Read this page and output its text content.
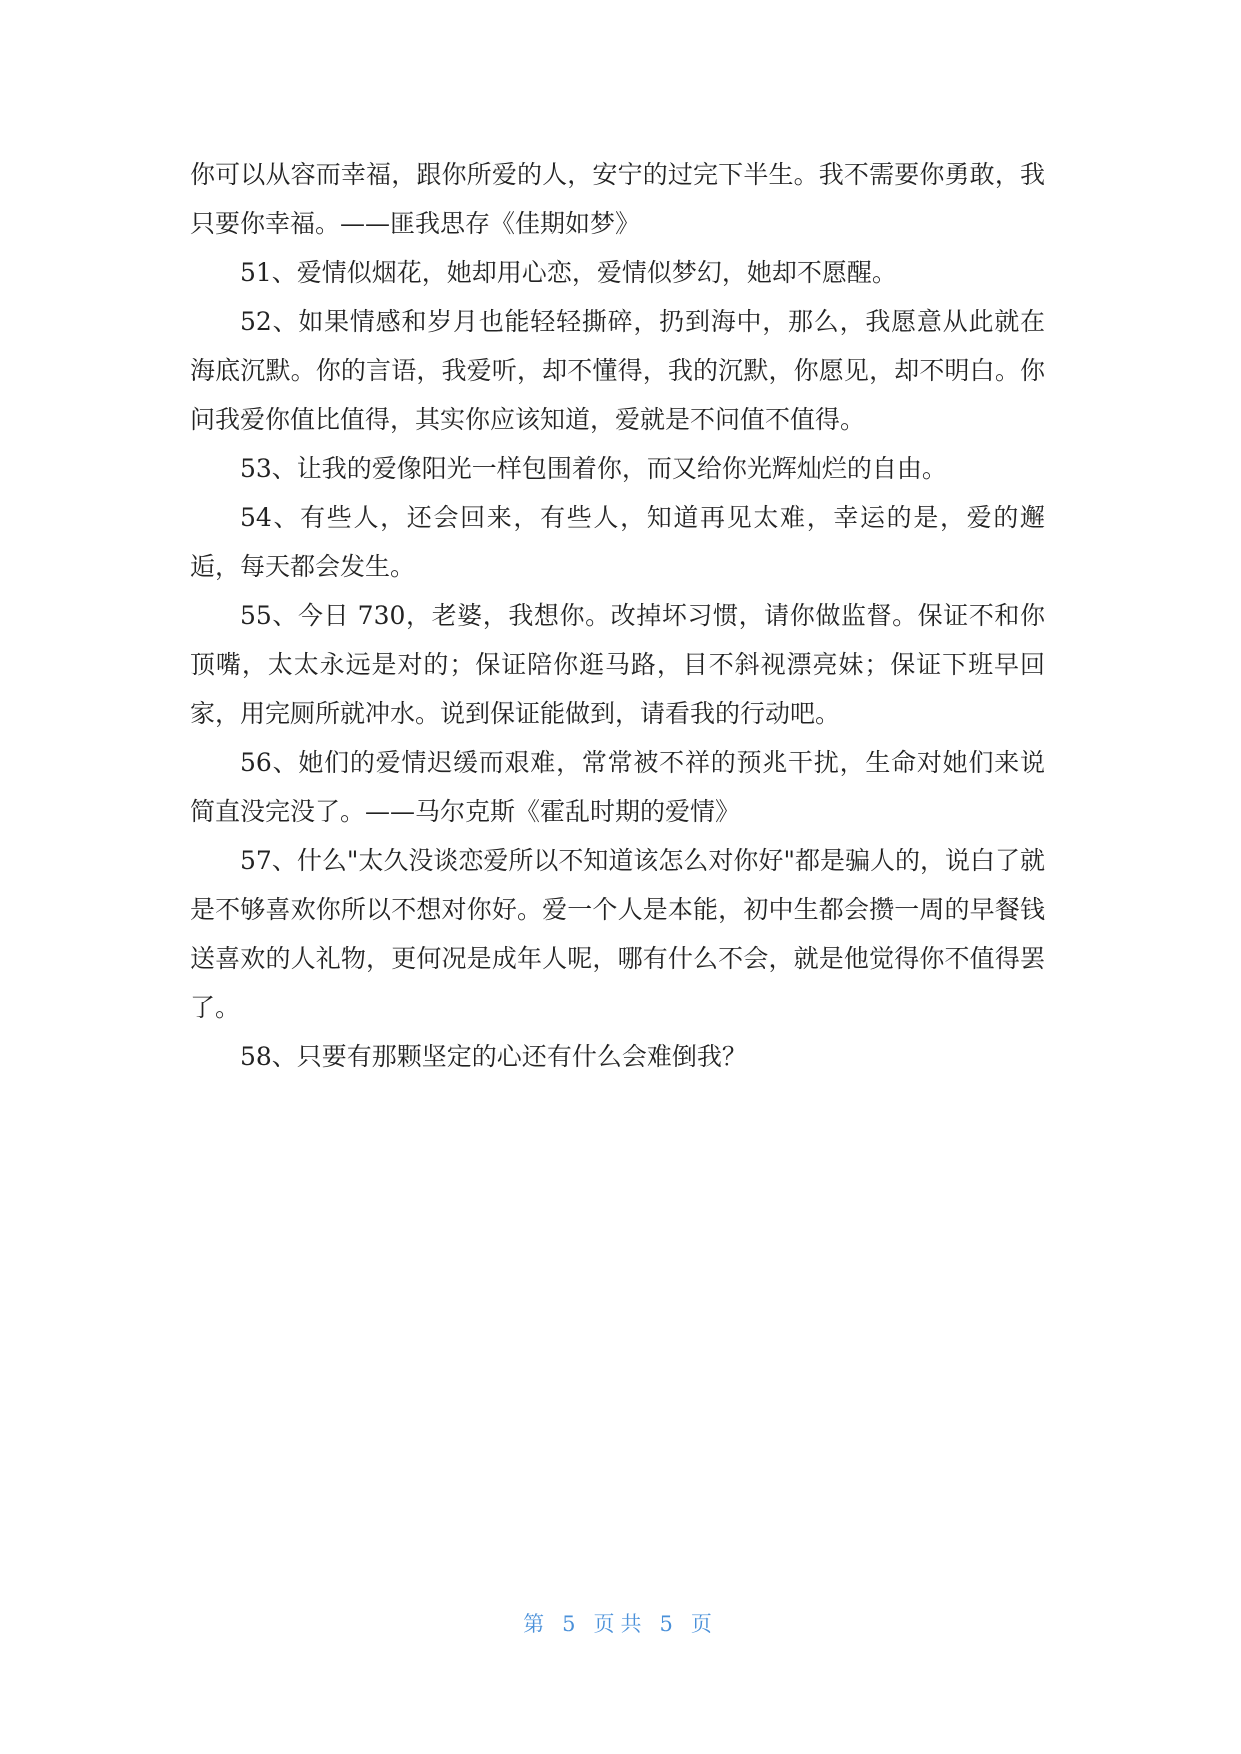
你可以从容而幸福，跟你所爱的人，安宁的过完下半生。我不需要你勇敢，我只要你幸福。——匪我思存《佳期如梦》

51、爱情似烟花，她却用心恋，爱情似梦幻，她却不愿醒。

52、如果情感和岁月也能轻轻撕碎，扔到海中，那么，我愿意从此就在海底沉默。你的言语，我爱听，却不懂得，我的沉默，你愿见，却不明白。你问我爱你值比值得，其实你应该知道，爱就是不问值不值得。

53、让我的爱像阳光一样包围着你，而又给你光辉灿烂的自由。

54、有些人，还会回来，有些人，知道再见太难，幸运的是，爱的邂逅，每天都会发生。

55、今日 730，老婆，我想你。改掉坏习惯，请你做监督。保证不和你顶嘴，太太永远是对的；保证陪你逛马路，目不斜视漂亮妹；保证下班早回家，用完厕所就冲水。说到保证能做到，请看我的行动吧。

56、她们的爱情迟缓而艰难，常常被不祥的预兆干扰，生命对她们来说简直没完没了。——马尔克斯《霍乱时期的爱情》

57、什么"太久没谈恋爱所以不知道该怎么对你好"都是骗人的，说白了就是不够喜欢你所以不想对你好。爱一个人是本能，初中生都会攒一周的早餐钱送喜欢的人礼物，更何况是成年人呢，哪有什么不会，就是他觉得你不值得罢了。

58、只要有那颗坚定的心还有什么会难倒我？

第 5 页共 5 页
